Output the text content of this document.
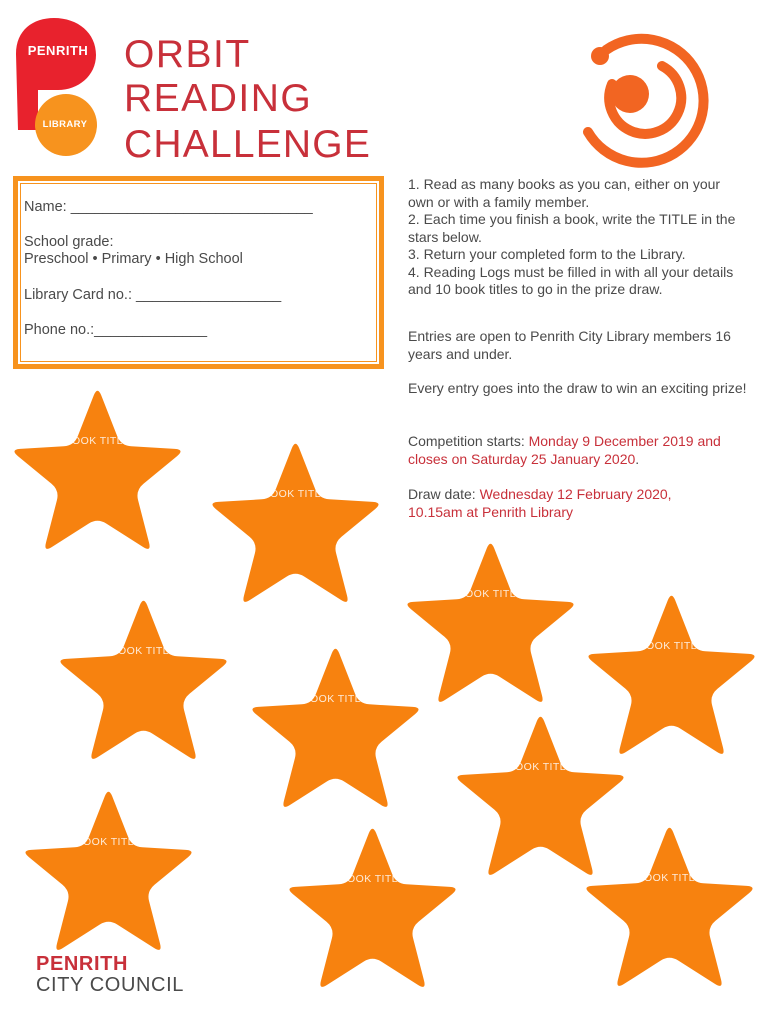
PENRITH
LIBRARY
ORBIT
READING
CHALLENGE
Name: ______________________________
School grade:
Preschool • Primary • High School
Library Card no.: __________________
Phone no.:______________
1. Read as many books as you can, either on your own or with a family member.
2. Each time you finish a book, write the TITLE in the stars below.
3. Return your completed form to the Library.
4. Reading Logs must be filled in with all your details and 10 book titles to go in the prize draw.
Entries are open to Penrith City Library members 16 years and under.
Every entry goes into the draw to win an exciting prize!
Competition starts: Monday 9 December 2019 and closes on Saturday 25 January 2020.
Draw date: Wednesday 12 February 2020,
10.15am at Penrith Library
BOOK TITLE
BOOK TITLE
BOOK TITLE
BOOK TITLE
BOOK TITLE
BOOK TITLE
BOOK TITLE
BOOK TITLE
BOOK TITLE	BOOK TITLE
PENRITH
CITY COUNCIL
